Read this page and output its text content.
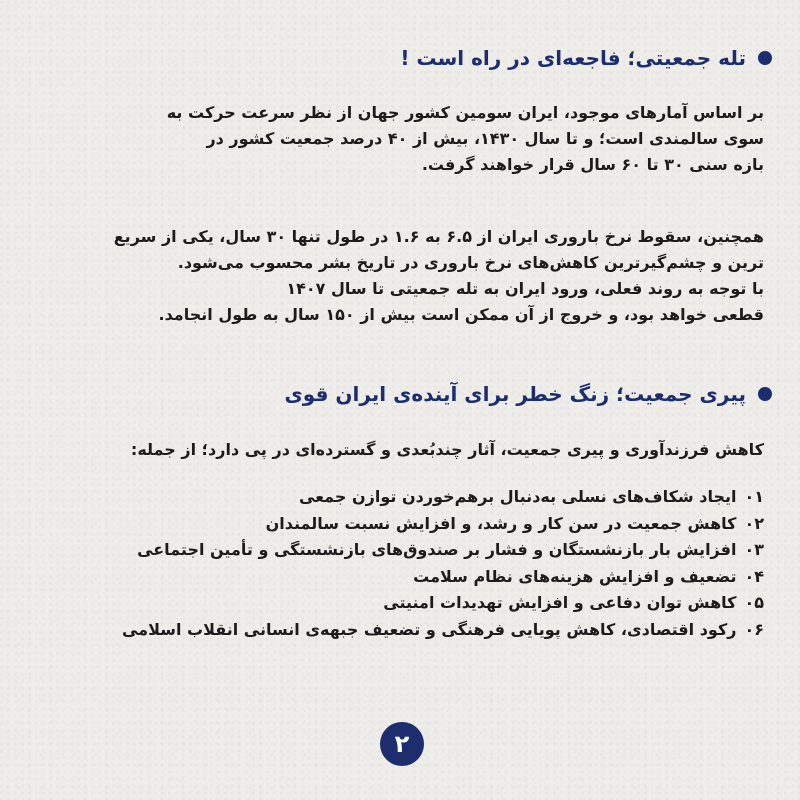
تله جمعیتی؛ فاجعه‌ای در راه است !
بر اساس آمارهای موجود، ایران سومین کشور جهان از نظر سرعت حرکت به
سوی سالمندی است؛ و تا سال ۱۴۳۰، بیش از ۴۰ درصد جمعیت کشور در
بازه سنی ۳۰ تا ۶۰ سال قرار خواهند گرفت.
همچنین، سقوط نرخ باروری ایران از ۶.۵ به ۱.۶ در طول تنها ۳۰ سال، یکی از سریع
ترین و چشم‌گیرترین کاهش‌های نرخ باروری در تاریخ بشر محسوب می‌شود.
با توجه به روند فعلی، ورود ایران به تله جمعیتی تا سال ۱۴۰۷
قطعی خواهد بود، و خروج از آن ممکن است بیش از ۱۵۰ سال به طول انجامد.
پیری جمعیت؛ زنگ خطر برای آینده‌ی ایران قوی
کاهش فرزندآوری و پیری جمعیت، آثار چندبُعدی و گسترده‌ای در پی دارد؛ از جمله:
۰۱ایجاد شکاف‌های نسلی به‌دنبال برهم‌خوردن توازن جمعی
۰۲کاهش جمعیت در سن کار و رشد، و افزایش نسبت سالمندان
۰۳افزایش بار بازنشستگان و فشار بر صندوق‌های بازنشستگی و تأمین اجتماعی
۰۴تضعیف و افزایش هزینه‌های نظام سلامت
۰۵کاهش توان دفاعی و افزایش تهدیدات امنیتی
۰۶رکود اقتصادی، کاهش پویایی فرهنگی و تضعیف جبهه‌ی انسانی انقلاب اسلامی
۲
